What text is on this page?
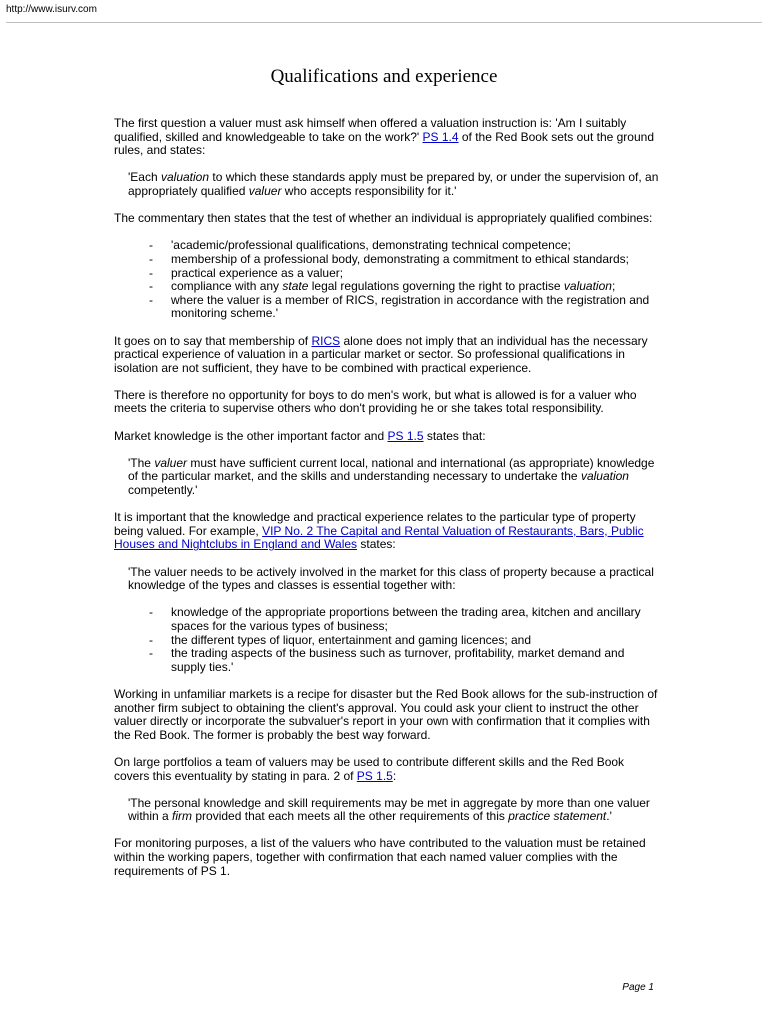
http://www.isurv.com
Qualifications and experience

The first question a valuer must ask himself when offered a valuation instruction is: 'Am I suitably qualified, skilled and knowledgeable to take on the work?' PS 1.4 of the Red Book sets out the ground rules, and states:

'Each valuation to which these standards apply must be prepared by, or under the supervision of, an appropriately qualified valuer who accepts responsibility for it.'

The commentary then states that the test of whether an individual is appropriately qualified combines:

- 'academic/professional qualifications, demonstrating technical competence;
- membership of a professional body, demonstrating a commitment to ethical standards;
- practical experience as a valuer;
- compliance with any state legal regulations governing the right to practise valuation;
- where the valuer is a member of RICS, registration in accordance with the registration and monitoring scheme.'

It goes on to say that membership of RICS alone does not imply that an individual has the necessary practical experience of valuation in a particular market or sector. So professional qualifications in isolation are not sufficient, they have to be combined with practical experience.

There is therefore no opportunity for boys to do men's work, but what is allowed is for a valuer who meets the criteria to supervise others who don't providing he or she takes total responsibility.

Market knowledge is the other important factor and PS 1.5 states that:

'The valuer must have sufficient current local, national and international (as appropriate) knowledge of the particular market, and the skills and understanding necessary to undertake the valuation competently.'

It is important that the knowledge and practical experience relates to the particular type of property being valued. For example, VIP No. 2 The Capital and Rental Valuation of Restaurants, Bars, Public Houses and Nightclubs in England and Wales states:

'The valuer needs to be actively involved in the market for this class of property because a practical knowledge of the types and classes is essential together with:

- knowledge of the appropriate proportions between the trading area, kitchen and ancillary spaces for the various types of business;
- the different types of liquor, entertainment and gaming licences; and
- the trading aspects of the business such as turnover, profitability, market demand and supply ties.'

Working in unfamiliar markets is a recipe for disaster but the Red Book allows for the sub-instruction of another firm subject to obtaining the client's approval. You could ask your client to instruct the other valuer directly or incorporate the subvaluer's report in your own with confirmation that it complies with the Red Book. The former is probably the best way forward.

On large portfolios a team of valuers may be used to contribute different skills and the Red Book covers this eventuality by stating in para. 2 of PS 1.5:

'The personal knowledge and skill requirements may be met in aggregate by more than one valuer within a firm provided that each meets all the other requirements of this practice statement.'

For monitoring purposes, a list of the valuers who have contributed to the valuation must be retained within the working papers, together with confirmation that each named valuer complies with the requirements of PS 1.

Page 1
